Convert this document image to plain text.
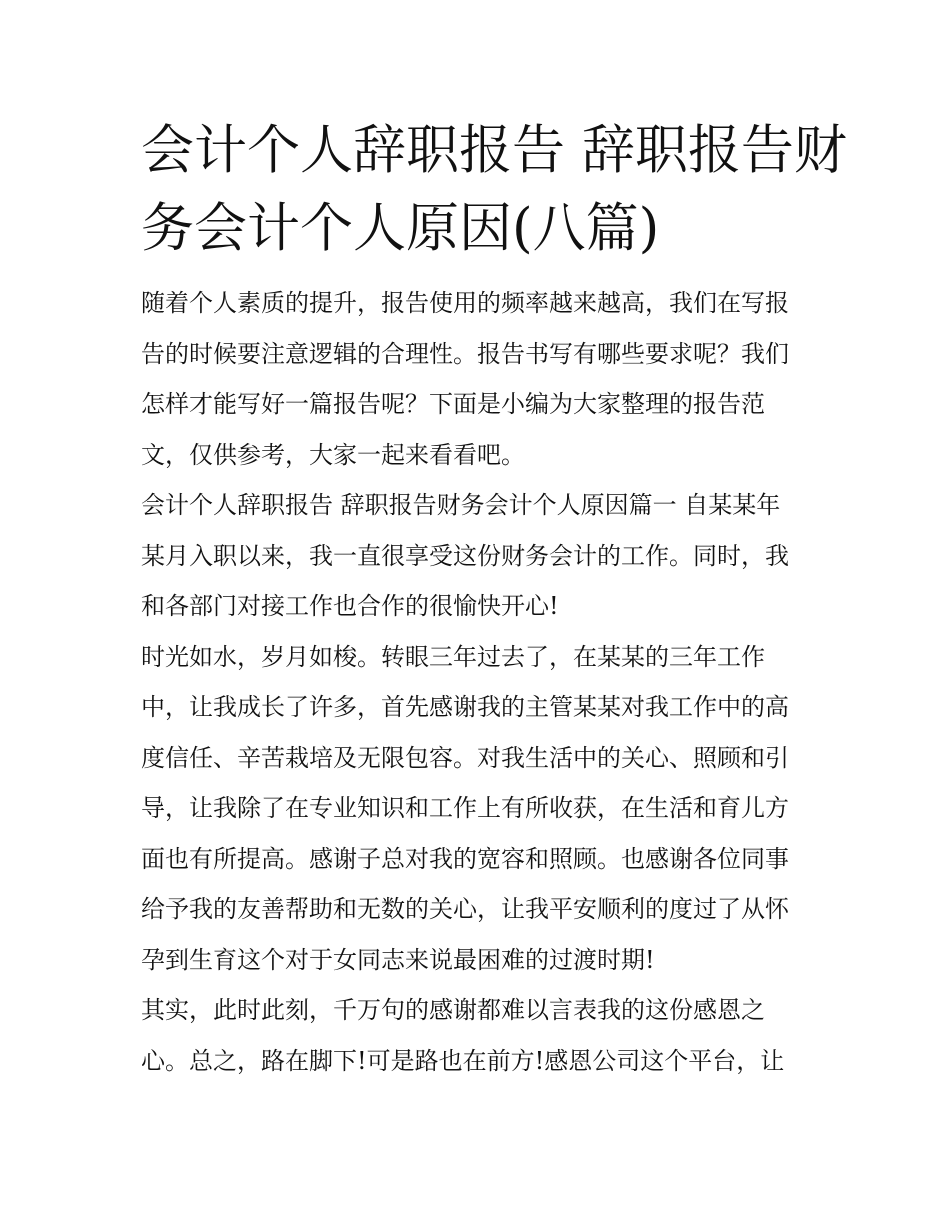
会计个人辞职报告 辞职报告财
务会计个人原因(八篇)
随着个人素质的提升，报告使用的频率越来越高，我们在写报
告的时候要注意逻辑的合理性。报告书写有哪些要求呢？我们
怎样才能写好一篇报告呢？下面是小编为大家整理的报告范
文，仅供参考，大家一起来看看吧。
会计个人辞职报告 辞职报告财务会计个人原因篇一 自某某年
某月入职以来，我一直很享受这份财务会计的工作。同时，我
和各部门对接工作也合作的很愉快开心!
时光如水，岁月如梭。转眼三年过去了，在某某的三年工作
中，让我成长了许多，首先感谢我的主管某某对我工作中的高
度信任、辛苦栽培及无限包容。对我生活中的关心、照顾和引
导，让我除了在专业知识和工作上有所收获，在生活和育儿方
面也有所提高。感谢子总对我的宽容和照顾。也感谢各位同事
给予我的友善帮助和无数的关心，让我平安顺利的度过了从怀
孕到生育这个对于女同志来说最困难的过渡时期!
其实，此时此刻，千万句的感谢都难以言表我的这份感恩之
心。总之，路在脚下!可是路也在前方!感恩公司这个平台，让
